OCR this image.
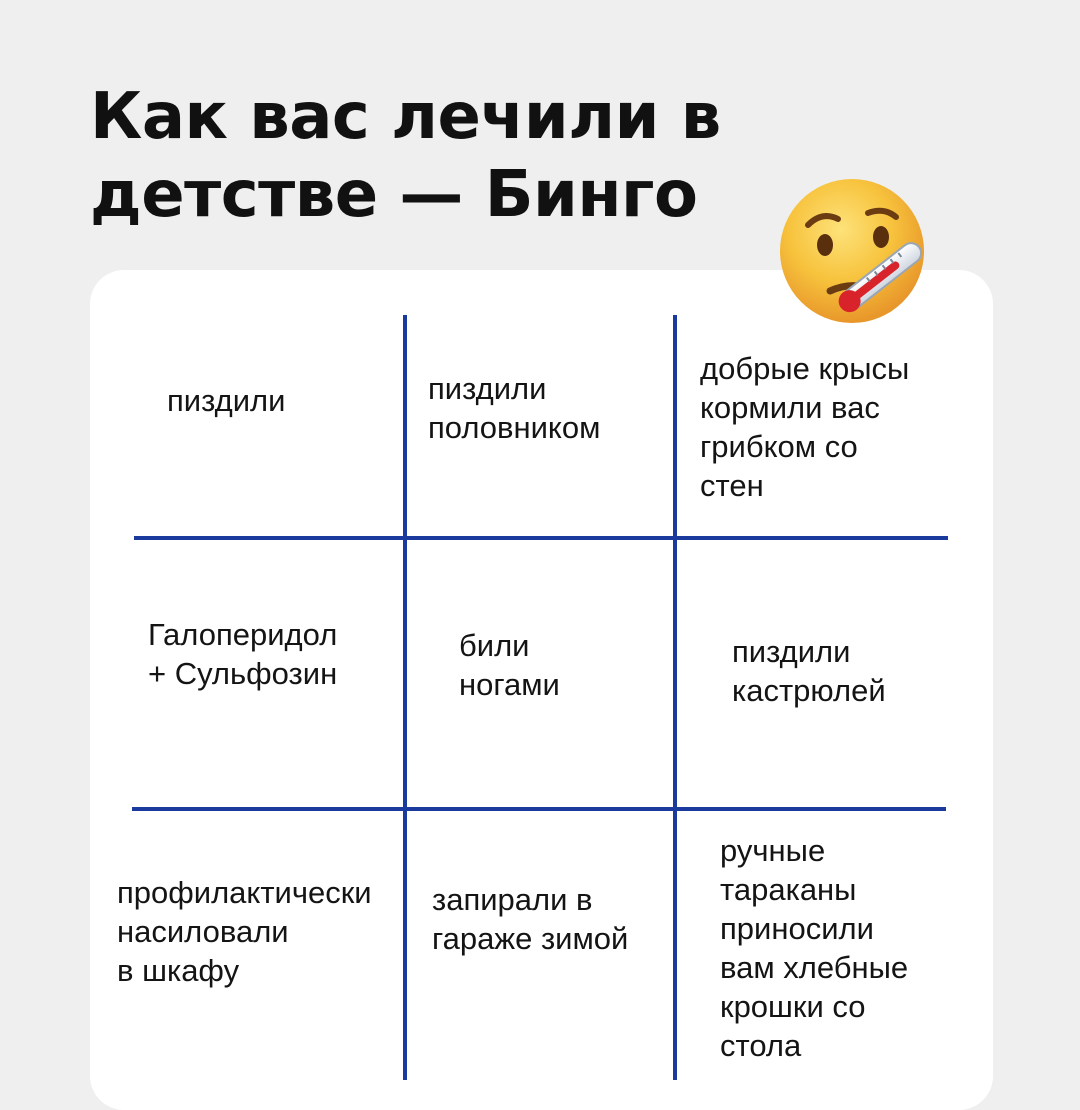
Как вас лечили в
детстве — Бинго

пиздили	пиздили
половником

добрые крысы
кормили вас
грибком со
стен

Галоперидол
+ Сульфозин

били
ногами

пиздили
кастрюлей

профилактически
насиловали
в шкафу

запирали в
гараже зимой

ручные
тараканы
приносили
вам хлебные
крошки со
стола
